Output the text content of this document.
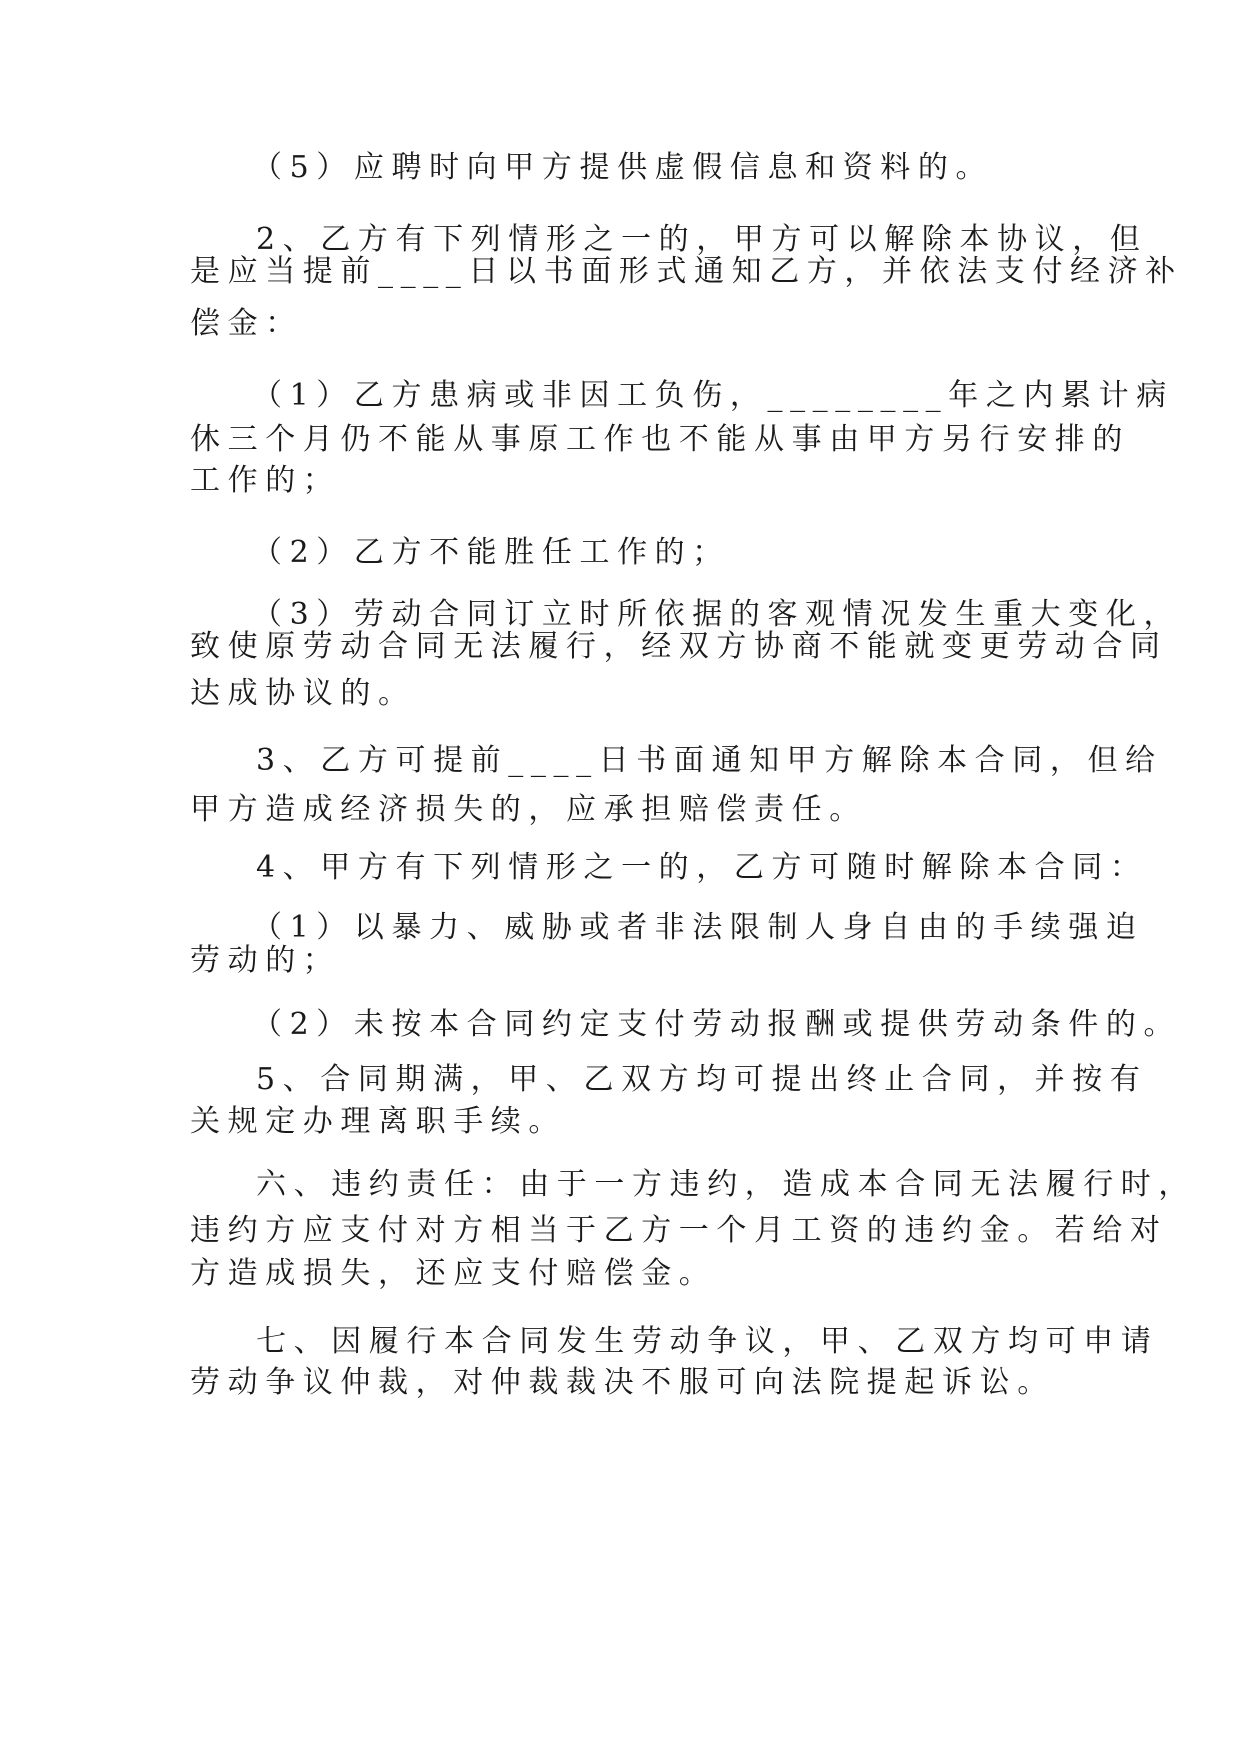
（5）应聘时向甲方提供虚假信息和资料的。
2、乙方有下列情形之一的，甲方可以解除本协议，但
是应当提前____日以书面形式通知乙方，并依法支付经济补
偿金：
（1）乙方患病或非因工负伤，________年之内累计病
休三个月仍不能从事原工作也不能从事由甲方另行安排的
工作的；
（2）乙方不能胜任工作的；
（3）劳动合同订立时所依据的客观情况发生重大变化，
致使原劳动合同无法履行，经双方协商不能就变更劳动合同
达成协议的。
3、乙方可提前____日书面通知甲方解除本合同，但给
甲方造成经济损失的，应承担赔偿责任。
4、甲方有下列情形之一的，乙方可随时解除本合同：
（1）以暴力、威胁或者非法限制人身自由的手续强迫
劳动的；
（2）未按本合同约定支付劳动报酬或提供劳动条件的。
5、合同期满，甲、乙双方均可提出终止合同，并按有
关规定办理离职手续。
六、违约责任：由于一方违约，造成本合同无法履行时，
违约方应支付对方相当于乙方一个月工资的违约金。若给对
方造成损失，还应支付赔偿金。
七、因履行本合同发生劳动争议，甲、乙双方均可申请
劳动争议仲裁，对仲裁裁决不服可向法院提起诉讼。
